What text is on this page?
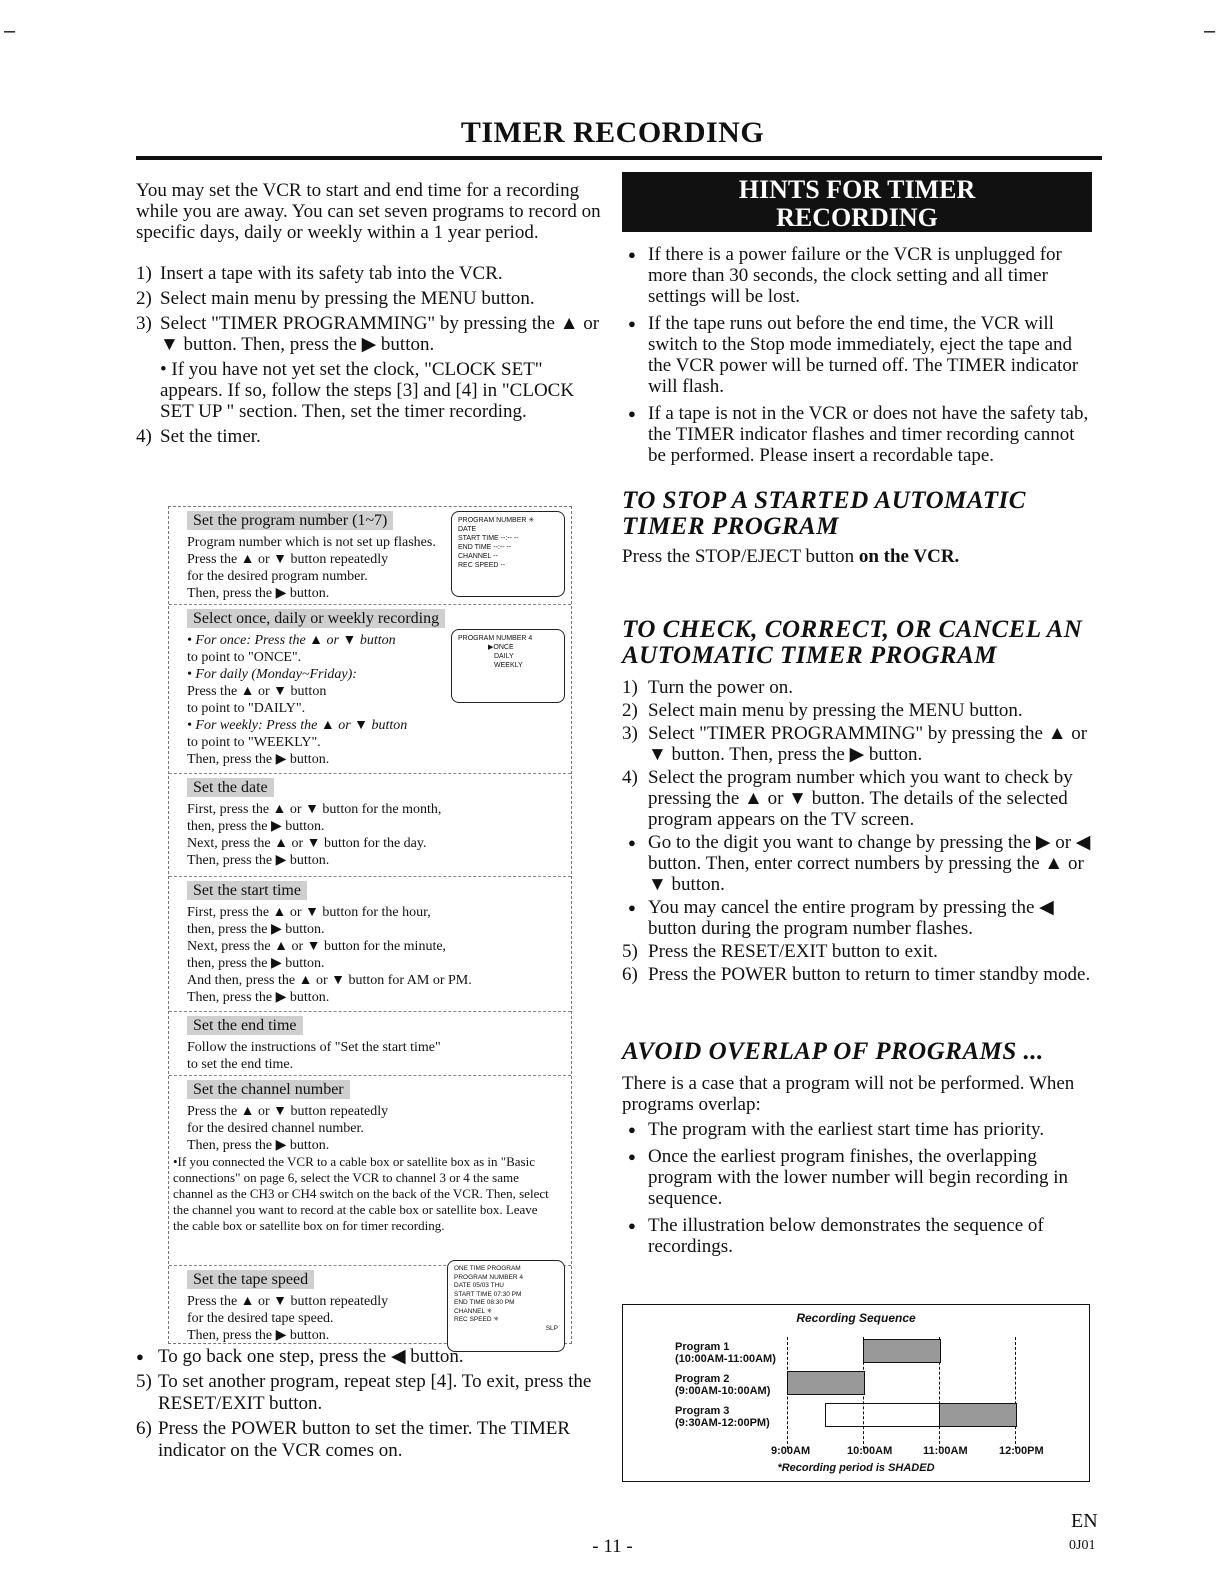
TIMER RECORDING

You may set the VCR to start and end time for a recording while you are away. You can set seven programs to record on specific days, daily or weekly within a 1 year period.

1) Insert a tape with its safety tab into the VCR.
2) Select main menu by pressing the MENU button.
3) Select "TIMER PROGRAMMING" by pressing the ▲ or ▼ button. Then, press the ▶ button.
• If you have not yet set the clock, "CLOCK SET" appears. If so, follow the steps [3] and [4] in "CLOCK SET UP " section. Then, set the timer recording.
4) Set the timer.
Set the program number (1~7)
Program number which is not set up flashes.
Press the ▲ or ▼ button repeatedly
for the desired program number.
Then, press the ▶ button.
PROGRAM NUMBER ✳
DATE
START TIME --:-- --
END TIME --:-- --
CHANNEL --
REC SPEED --
Select once, daily or weekly recording
• For once: Press the ▲ or ▼ button
to point to "ONCE".
• For daily (Monday~Friday):
Press the ▲ or ▼ button
to point to "DAILY".
• For weekly: Press the ▲ or ▼ button
to point to "WEEKLY".
Then, press the ▶ button.
PROGRAM NUMBER 4
▶ONCE
DAILY
WEEKLY
Set the date
First, press the ▲ or ▼ button for the month,
then, press the ▶ button.
Next, press the ▲ or ▼ button for the day.
Then, press the ▶ button.
Set the start time
First, press the ▲ or ▼ button for the hour,
then, press the ▶ button.
Next, press the ▲ or ▼ button for the minute,
then, press the ▶ button.
And then, press the ▲ or ▼ button for AM or PM.
Then, press the ▶ button.
Set the end time
Follow the instructions of "Set the start time"
to set the end time.
Set the channel number
Press the ▲ or ▼ button repeatedly
for the desired channel number.
Then, press the ▶ button.
•If you connected the VCR to a cable box or satellite box as in "Basic connections" on page 6, select the VCR to channel 3 or 4 the same channel as the CH3 or CH4 switch on the back of the VCR. Then, select the channel you want to record at the cable box or satellite box. Leave the cable box or satellite box on for timer recording.
Set the tape speed
Press the ▲ or ▼ button repeatedly
for the desired tape speed.
Then, press the ▶ button.
ONE TIME PROGRAM
PROGRAM NUMBER 4
DATE 05/03 THU
START TIME 07:30 PM
END TIME 08:30 PM
CHANNEL ✳
REC SPEED ✳
SLP
● To go back one step, press the ◀ button.
5) To set another program, repeat step [4]. To exit, press the RESET/EXIT button.
6) Press the POWER button to set the timer. The TIMER indicator on the VCR comes on.
HINTS FOR TIMER
RECORDING
● If there is a power failure or the VCR is unplugged for more than 30 seconds, the clock setting and all timer settings will be lost.
● If the tape runs out before the end time, the VCR will switch to the Stop mode immediately, eject the tape and the VCR power will be turned off. The TIMER indicator will flash.
● If a tape is not in the VCR or does not have the safety tab, the TIMER indicator flashes and timer recording cannot be performed. Please insert a recordable tape.
TO STOP A STARTED AUTOMATIC TIMER PROGRAM
Press the STOP/EJECT button on the VCR.
TO CHECK, CORRECT, OR CANCEL AN AUTOMATIC TIMER PROGRAM
1) Turn the power on.
2) Select main menu by pressing the MENU button.
3) Select "TIMER PROGRAMMING" by pressing the ▲ or ▼ button. Then, press the ▶ button.
4) Select the program number which you want to check by pressing the ▲ or ▼ button. The details of the selected program appears on the TV screen.
● Go to the digit you want to change by pressing the ▶ or ◀ button. Then, enter correct numbers by pressing the ▲ or ▼ button.
● You may cancel the entire program by pressing the ◀ button during the program number flashes.
5) Press the RESET/EXIT button to exit.
6) Press the POWER button to return to timer standby mode.
AVOID OVERLAP OF PROGRAMS ...
There is a case that a program will not be performed. When programs overlap:
● The program with the earliest start time has priority.
● Once the earliest program finishes, the overlapping program with the lower number will begin recording in sequence.
● The illustration below demonstrates the sequence of recordings.
Recording Sequence
*Recording period is SHADED
9:00AM	10:00AM	11:00AM	12:00PM
Program 1
(10:00AM-11:00AM)
Program 2
(9:00AM-10:00AM)
Program 3
(9:30AM-12:00PM)
- 11 -
EN
0J01
–	–
